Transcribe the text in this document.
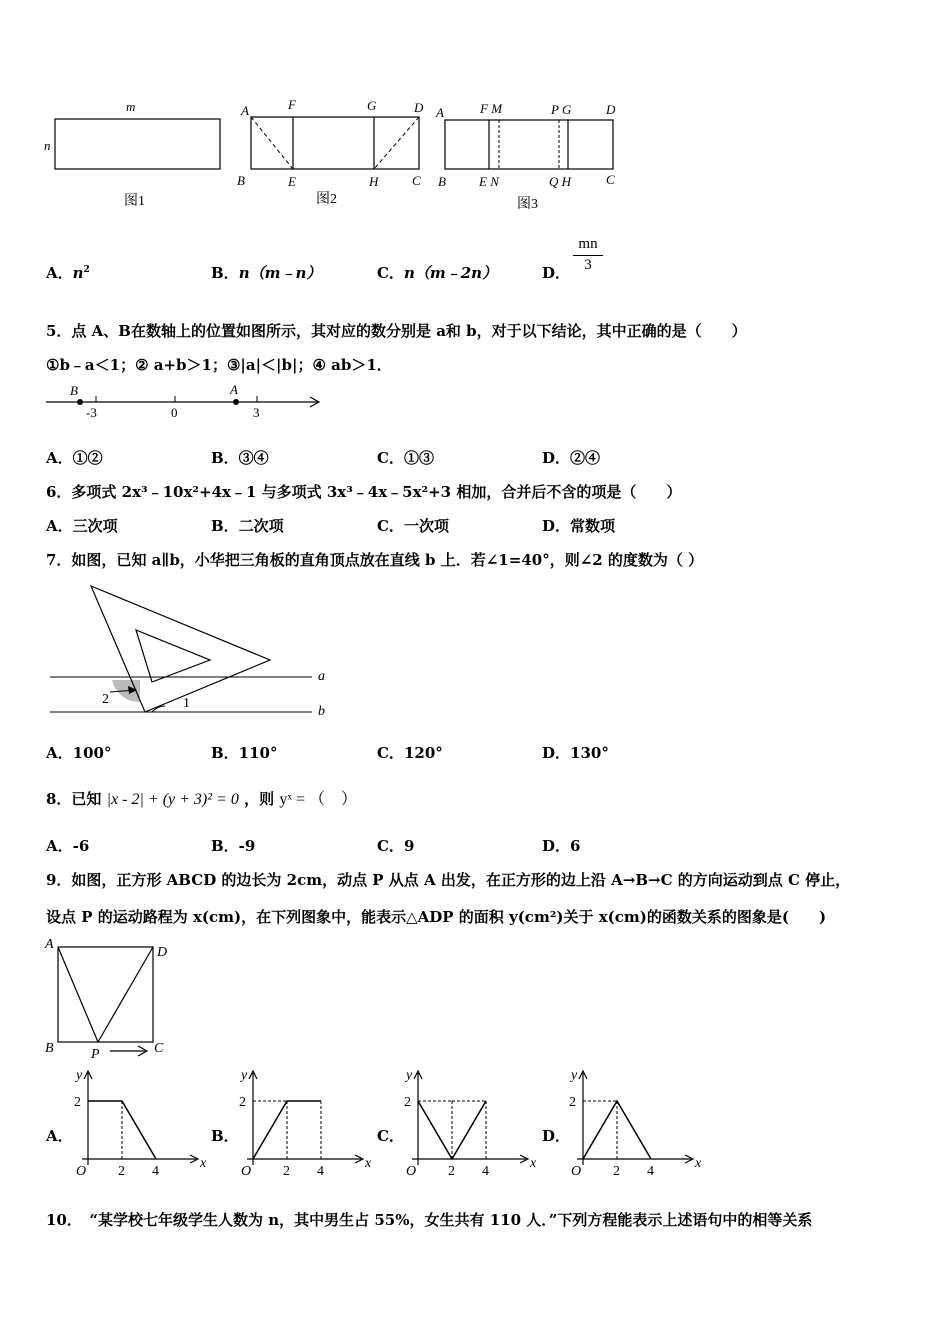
m
n
图1
A	F	G	D
B	E	H	C
图2
A	F M	P G	D
B	E N	Q H	C
图3
A．$n^2$	B．n（m﹣n）	C．n（m﹣2n）	D．
mn
3
5．点 A、B在数轴上的位置如图所示，其对应的数分别是 a和 b，对于以下结论，其中正确的是（　　）
①b﹣a＜1；② a+b＞1；③|a|＜|b|；④ ab＞1．
B	A
-3	0	3
A．①②	B．③④	C．①③	D．②④
6．多项式 2x³﹣10x²+4x﹣1 与多项式 3x³﹣4x﹣5x²+3 相加，合并后不含的项是（　　）
A．三次项	B．二次项	C．一次项	D．常数项
7．如图，已知 a∥b，小华把三角板的直角顶点放在直线 b 上．若∠1=40°，则∠2 的度数为（ ）
a
b
2	1
A．100°	B．110°	C．120°	D．130°
8．已知 |x - 2| + (y + 3)² = 0 ，则 yˣ = （　）
A．-6	B．-9	C．9	D．6
9．如图，正方形 ABCD 的边长为 2cm，动点 P 从点 A 出发，在正方形的边上沿 A→B→C 的方向运动到点 C 停止，
设点 P 的运动路程为 x(cm)，在下列图象中，能表示△ADP 的面积 y(cm²)关于 x(cm)的函数关系的图象是(　　)
A
D
B	P	C
A．	B．	C．	D．
y
x
O
2
2 4
y
x
O
2
2 4
y
x
O
2
2 4
y
x
O
2
2 4
10．　“某学校七年级学生人数为 n，其中男生占 55%，女生共有 110 人．”下列方程能表示上述语句中的相等关系
